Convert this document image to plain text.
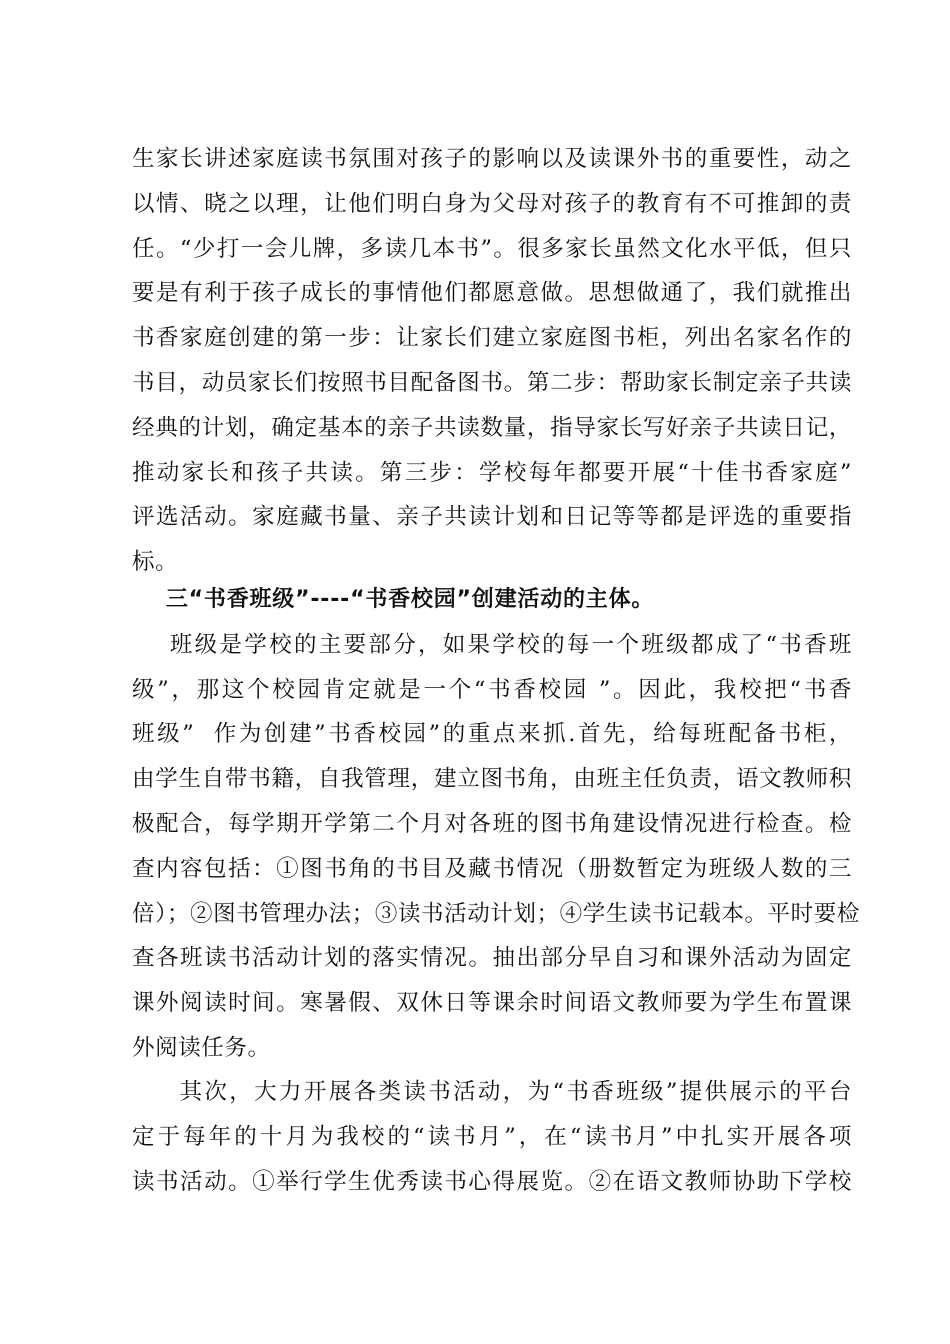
生家长讲述家庭读书氛围对孩子的影响以及读课外书的重要性，动之
以情、晓之以理，让他们明白身为父母对孩子的教育有不可推卸的责
任。“少打一会儿牌，多读几本书”。很多家长虽然文化水平低，但只
要是有利于孩子成长的事情他们都愿意做。思想做通了，我们就推出
书香家庭创建的第一步：让家长们建立家庭图书柜，列出名家名作的
书目，动员家长们按照书目配备图书。第二步：帮助家长制定亲子共读
经典的计划，确定基本的亲子共读数量，指导家长写好亲子共读日记，
推动家长和孩子共读。第三步：学校每年都要开展“十佳书香家庭”
评选活动。家庭藏书量、亲子共读计划和日记等等都是评选的重要指
标。
三“书香班级”----“书香校园”创建活动的主体。
班级是学校的主要部分，如果学校的每一个班级都成了“书香班
级”，那这个校园肯定就是一个“书香校园 ”。因此，我校把“书香
班级”  作为创建”书香校园”的重点来抓.首先，给每班配备书柜，
由学生自带书籍，自我管理，建立图书角，由班主任负责，语文教师积
极配合，每学期开学第二个月对各班的图书角建设情况进行检查。检
查内容包括：①图书角的书目及藏书情况（册数暂定为班级人数的三
倍）；②图书管理办法；③读书活动计划；④学生读书记载本。平时要检
查各班读书活动计划的落实情况。抽出部分早自习和课外活动为固定
课外阅读时间。寒暑假、双休日等课余时间语文教师要为学生布置课
外阅读任务。
其次，大力开展各类读书活动，为“书香班级”提供展示的平台
定于每年的十月为我校的“读书月”，在“读书月”中扎实开展各项
读书活动。①举行学生优秀读书心得展览。②在语文教师协助下学校
